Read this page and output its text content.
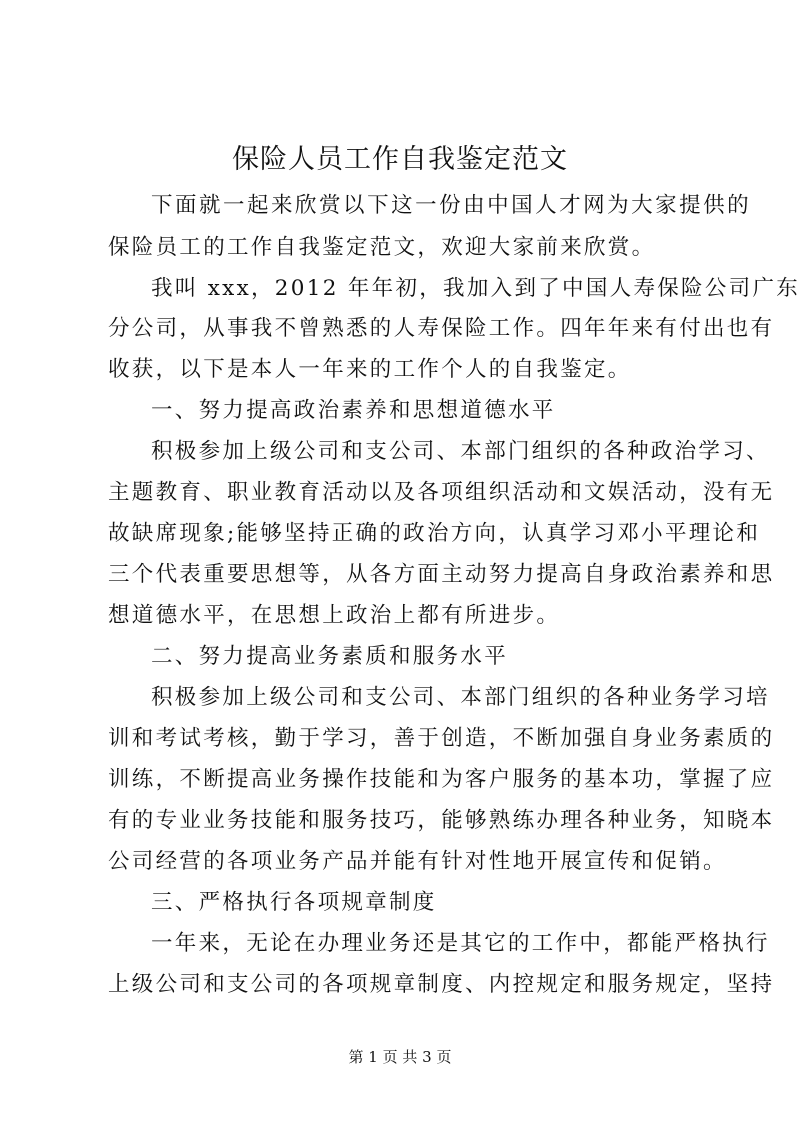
保险人员工作自我鉴定范文

下面就一起来欣赏以下这一份由中国人才网为大家提供的

保险员工的工作自我鉴定范文，欢迎大家前来欣赏。

我叫 xxx，2012 年年初，我加入到了中国人寿保险公司广东

分公司，从事我不曾熟悉的人寿保险工作。四年年来有付出也有

收获，以下是本人一年来的工作个人的自我鉴定。

一、努力提高政治素养和思想道德水平

积极参加上级公司和支公司、本部门组织的各种政治学习、

主题教育、职业教育活动以及各项组织活动和文娱活动，没有无

故缺席现象;能够坚持正确的政治方向，认真学习邓小平理论和

三个代表重要思想等，从各方面主动努力提高自身政治素养和思

想道德水平，在思想上政治上都有所进步。

二、努力提高业务素质和服务水平

积极参加上级公司和支公司、本部门组织的各种业务学习培

训和考试考核，勤于学习，善于创造，不断加强自身业务素质的

训练，不断提高业务操作技能和为客户服务的基本功，掌握了应

有的专业业务技能和服务技巧，能够熟练办理各种业务，知晓本

公司经营的各项业务产品并能有针对性地开展宣传和促销。

三、严格执行各项规章制度

一年来，无论在办理业务还是其它的工作中，都能严格执行

上级公司和支公司的各项规章制度、内控规定和服务规定，坚持

第 1 页 共 3 页
